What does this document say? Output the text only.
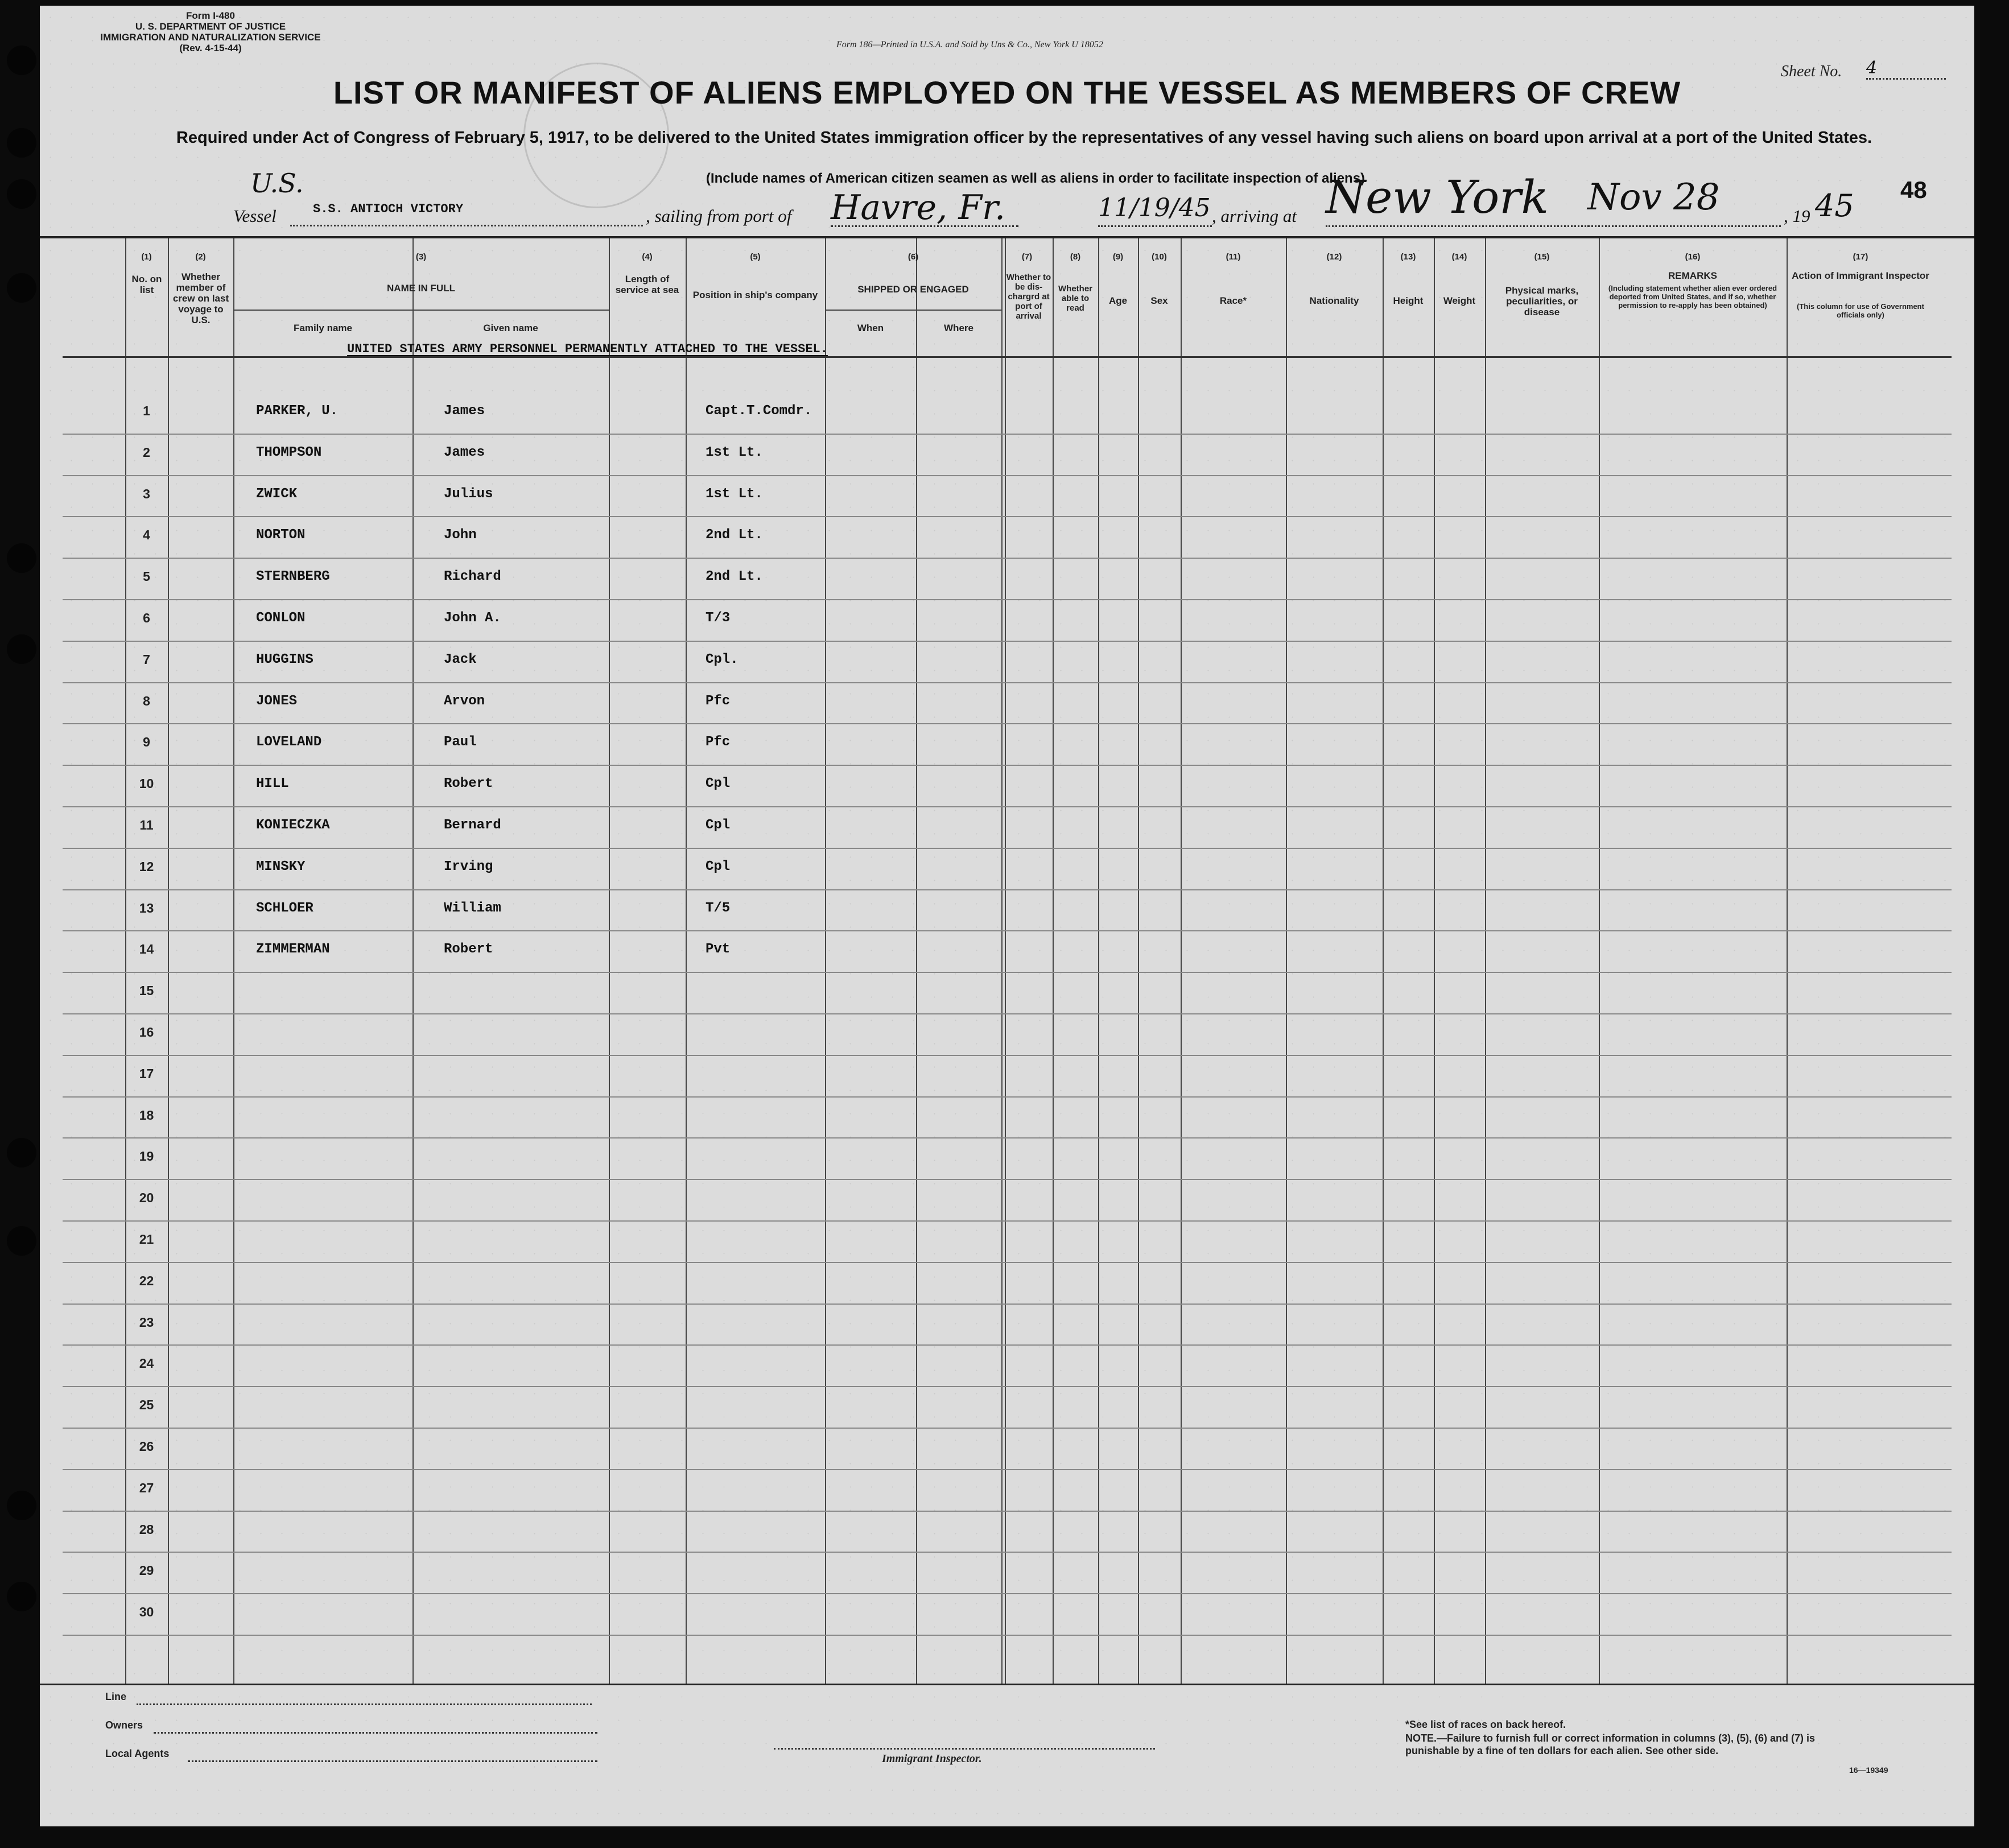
Form I-480
U. S. DEPARTMENT OF JUSTICE
IMMIGRATION AND NATURALIZATION SERVICE
(Rev. 4-15-44)	Form 186—Printed in U.S.A. and Sold by Uns & Co., New York U 18052
Sheet No. 4
LIST OR MANIFEST OF ALIENS EMPLOYED ON THE VESSEL AS MEMBERS OF CREW
Required under Act of Congress of February 5, 1917, to be delivered to the United States immigration officer by the representatives of any vessel having such aliens on board upon arrival at a port of the United States.
(Include names of American citizen seamen as well as aliens in order to facilitate inspection of aliens)
U.S.
Vessel	S.S. ANTIOCH VICTORY	, sailing from port of Havre, Fr.	11/19/45 , arriving at New York	Nov 28	, 19 45 48
(1)	(2)	(3)	(4)	(5)	(6)	(7)	(8)	(9)	(10)	(11)	(12)	(13)	(14)	(15)	(16)	(17)
No. on list
Whether member of crew on last voyage to U.S.
NAME IN FULL
Family name	Given name
Length of service at sea	Position in ship's company
SHIPPED OR ENGAGED
When	Where
Whether to be dis-chargrd at port of arrival
Whether able to read
Age	Sex	Race*	Nationality	Height	Weight
Physical marks, peculiarities, or disease
REMARKS
(Including statement whether alien ever ordered deported from United States, and if so, whether permission to re-apply has been obtained)
Action of Immigrant Inspector
(This column for use of Government officials only)
UNITED STATES ARMY PERSONNEL PERMANENTLY ATTACHED TO THE VESSEL.
1	PARKER, U.	James	Capt.T.Comdr.
2	THOMPSON	James	1st Lt.
3	ZWICK	Julius	1st Lt.
4	NORTON	John	2nd Lt.
5	STERNBERG	Richard	2nd Lt.
6	CONLON	John A.	T/3
7	HUGGINS	Jack	Cpl.
8	JONES	Arvon	Pfc
9	LOVELAND	Paul	Pfc
10	HILL	Robert	Cpl
11	KONIECZKA	Bernard	Cpl
12	MINSKY	Irving	Cpl
13	SCHLOER	William	T/5
14	ZIMMERMAN	Robert	Pvt
15
16
17
18
19
20
21
22
23
24
25
26
27
28
29
30
Line
Owners
Local Agents	Immigrant Inspector.
*See list of races on back hereof.
NOTE.—Failure to furnish full or correct information in columns (3), (5), (6) and (7) is punishable by a fine of ten dollars for each alien. See other side.
16—19349
